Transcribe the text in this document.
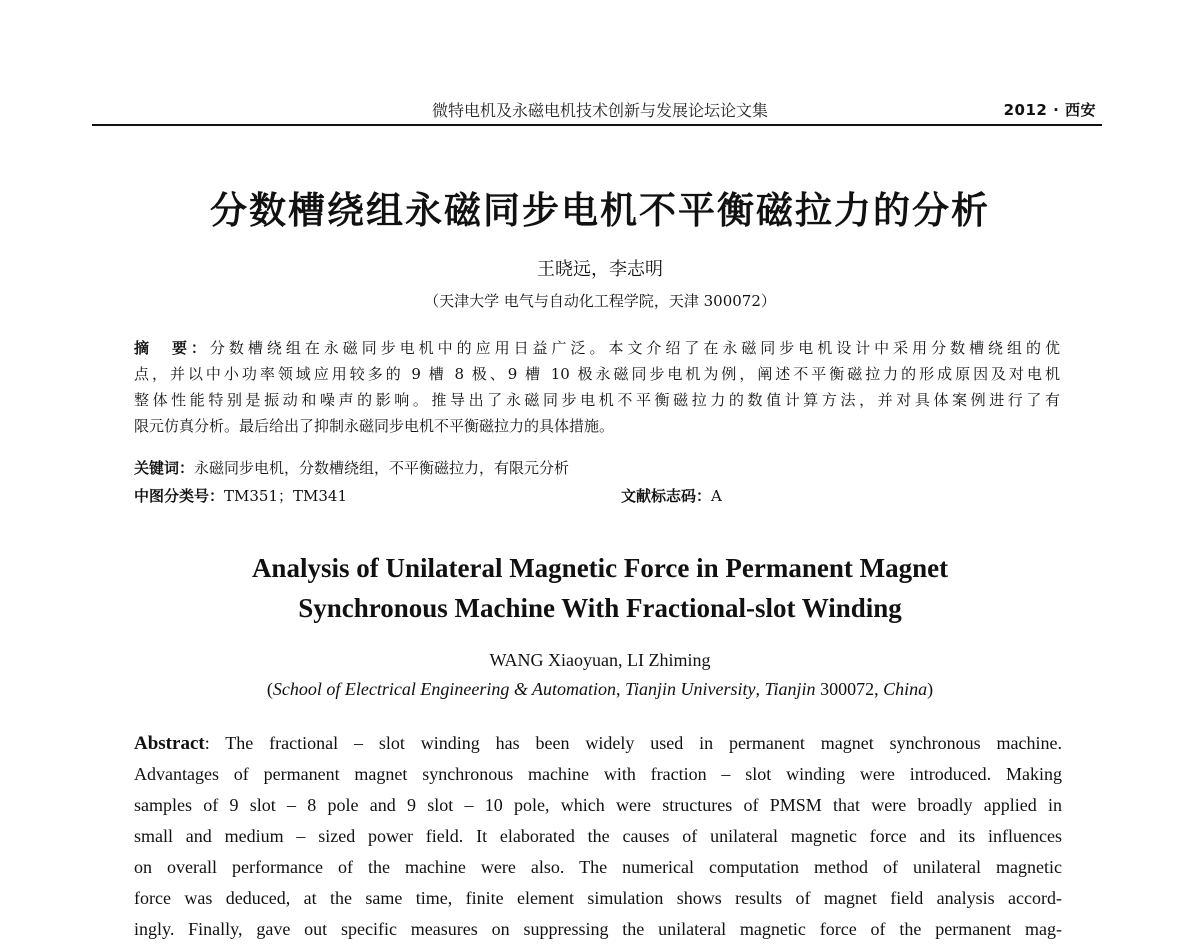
微特电机及永磁电机技术创新与发展论坛论文集	2012 · 西安
分数槽绕组永磁同步电机不平衡磁拉力的分析
王晓远，李志明
（天津大学 电气与自动化工程学院，天津 300072）
摘　要：分数槽绕组在永磁同步电机中的应用日益广泛。本文介绍了在永磁同步电机设计中采用分数槽绕组的优
点，并以中小功率领域应用较多的 9 槽 8 极、9 槽 10 极永磁同步电机为例，阐述不平衡磁拉力的形成原因及对电机
整体性能特别是振动和噪声的影响。推导出了永磁同步电机不平衡磁拉力的数值计算方法，并对具体案例进行了有
限元仿真分析。最后给出了抑制永磁同步电机不平衡磁拉力的具体措施。
关键词：永磁同步电机，分数槽绕组，不平衡磁拉力，有限元分析
中图分类号：TM351；TM341	文献标志码：A
Analysis of Unilateral Magnetic Force in Permanent Magnet
Synchronous Machine With Fractional-slot Winding
WANG Xiaoyuan, LI Zhiming
(School of Electrical Engineering & Automation, Tianjin University, Tianjin 300072, China)
Abstract: The fractional – slot winding has been widely used in permanent magnet synchronous machine.
Advantages of permanent magnet synchronous machine with fraction – slot winding were introduced. Making
samples of 9 slot – 8 pole and 9 slot – 10 pole, which were structures of PMSM that were broadly applied in
small and medium – sized power field. It elaborated the causes of unilateral magnetic force and its influences
on overall performance of the machine were also. The numerical computation method of unilateral magnetic
force was deduced, at the same time, finite element simulation shows results of magnet field analysis accord-
ingly. Finally, gave out specific measures on suppressing the unilateral magnetic force of the permanent mag-
